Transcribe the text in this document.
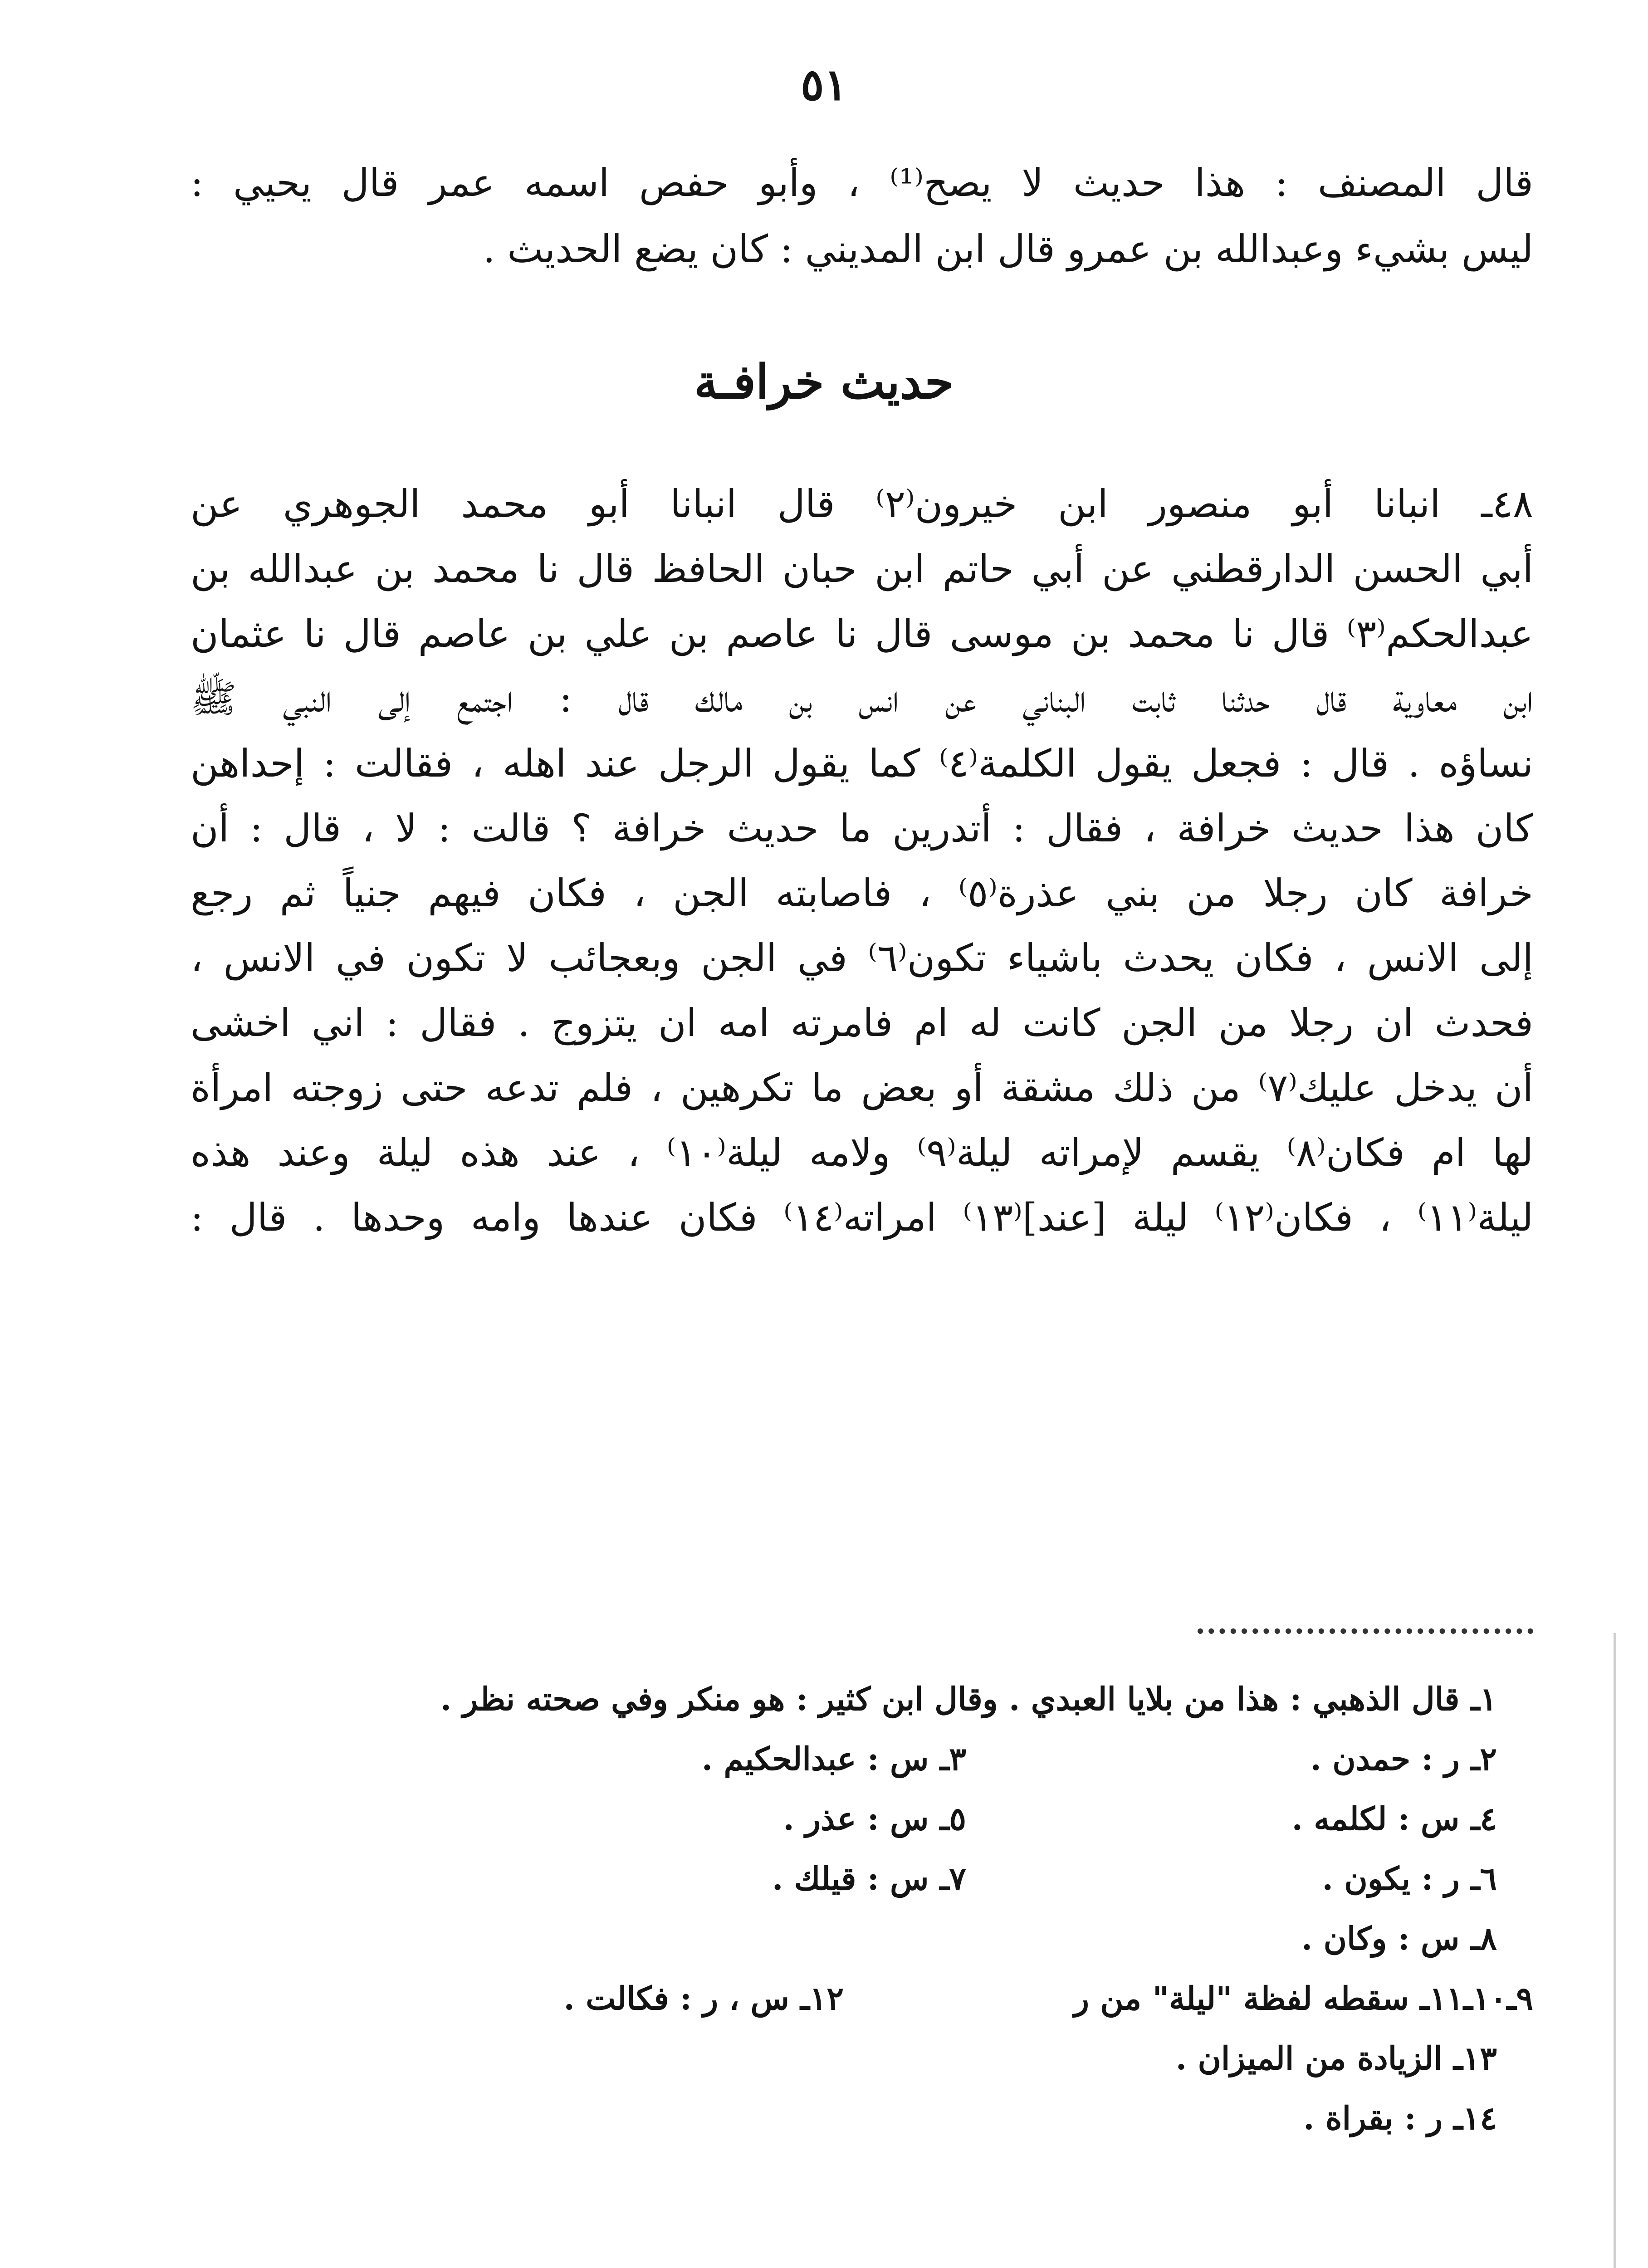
٥١
قال المصنف : هذا حديث لا يصح⁽¹⁾ ، وأبو حفص اسمه عمر قال يحيي :
ليس بشيء وعبدالله بن عمرو قال ابن المديني : كان يضع الحديث .
حديث خرافـة
٤٨ـ انبانا أبو منصور ابن خيرون⁽٢⁾ قال انبانا أبو محمد الجوهري عن
أبي الحسن الدارقطني عن أبي حاتم ابن حبان الحافظ قال نا محمد بن عبدالله بن
عبدالحكم⁽٣⁾ قال نا محمد بن موسى قال نا عاصم بن علي بن عاصم قال نا عثمان
ابن معاوية قال حدثنا ثابت البناني عن انس بن مالك قال : اجتمع إلى النبي ﷺ
نساؤه . قال : فجعل يقول الكلمة⁽٤⁾ كما يقول الرجل عند اهله ، فقالت : إحداهن
كان هذا حديث خرافة ، فقال : أتدرين ما حديث خرافة ؟ قالت : لا ، قال : أن
خرافة كان رجلا من بني عذرة⁽٥⁾ ، فاصابته الجن ، فكان فيهم جنياً ثم رجع
إلى الانس ، فكان يحدث باشياء تكون⁽٦⁾ في الجن وبعجائب لا تكون في الانس ،
فحدث ان رجلا من الجن كانت له ام فامرته امه ان يتزوج . فقال : اني اخشى
أن يدخل عليك⁽٧⁾ من ذلك مشقة أو بعض ما تكرهين ، فلم تدعه حتى زوجته امرأة
لها ام فكان⁽٨⁾ يقسم لإمراته ليلة⁽٩⁾ ولامه ليلة⁽١٠⁾ ، عند هذه ليلة وعند هذه
ليلة⁽١١⁾ ، فكان⁽١٢⁾ ليلة [عند]⁽١٣⁾ امراته⁽١٤⁾ فكان عندها وامه وحدها . قال :
١ـ قال الذهبي : هذا من بلايا العبدي . وقال ابن كثير : هو منكر وفي صحته نظر .
٢ـ ر : حمدن .
٣ـ س : عبدالحكيم .
٤ـ س : لكلمه .
٥ـ س : عذر .
٦ـ ر : يكون .
٧ـ س : قيلك .
٨ـ س : وكان .
٩ـ١٠ـ١١ـ سقطه لفظة "ليلة" من ر
١٢ـ س ، ر : فكالت .
١٣ـ الزيادة من الميزان .
١٤ـ ر : بقراة .
